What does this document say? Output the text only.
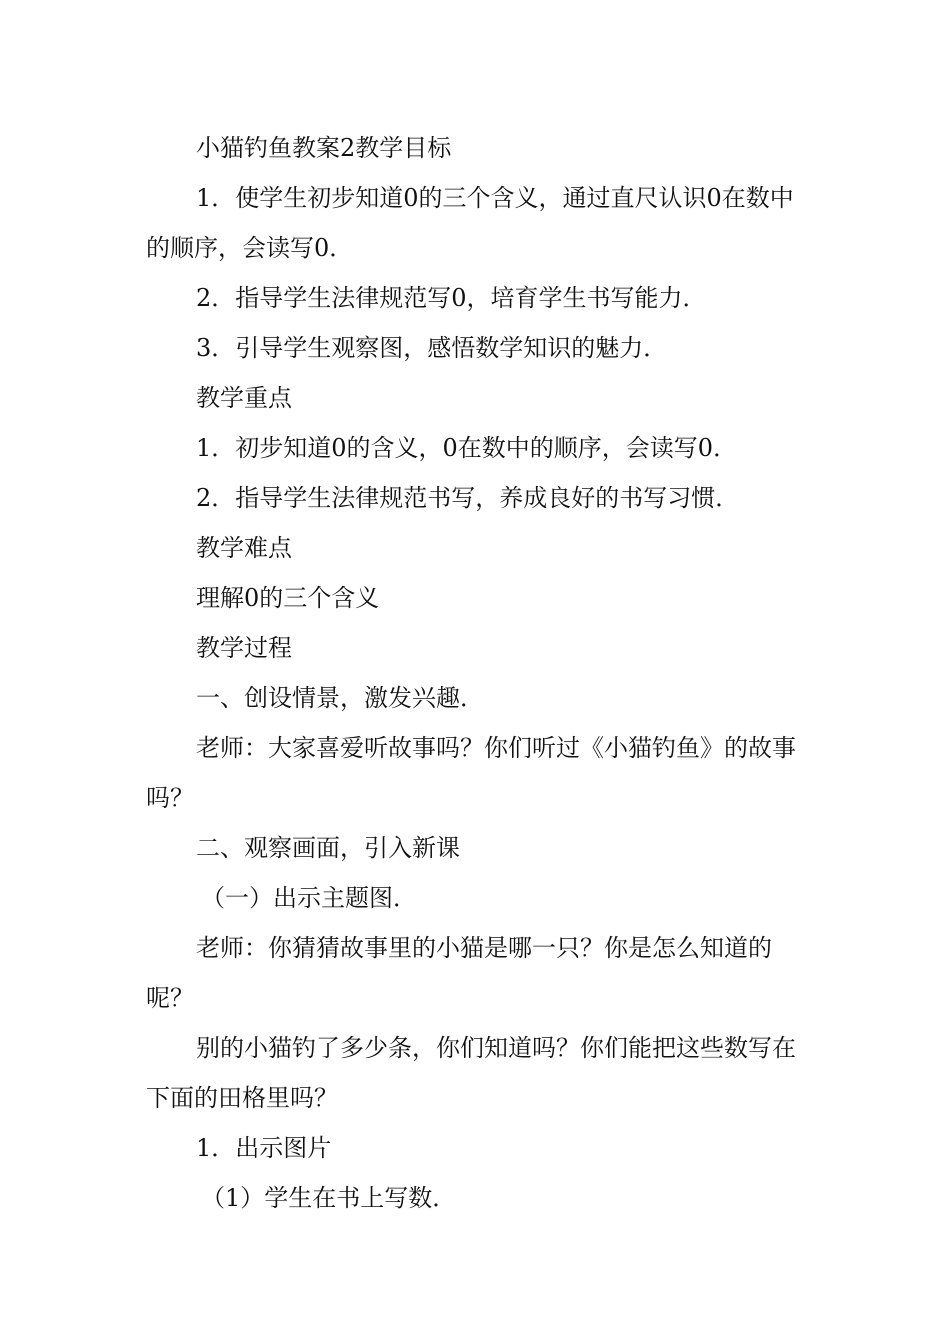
小猫钓鱼教案2教学目标

1．使学生初步知道0的三个含义，通过直尺认识0在数中的顺序，会读写0．

2．指导学生法律规范写0，培育学生书写能力．

3．引导学生观察图，感悟数学知识的魅力．

教学重点

1．初步知道0的含义，0在数中的顺序，会读写0．

2．指导学生法律规范书写，养成良好的书写习惯．

教学难点

理解0的三个含义

教学过程

一、创设情景，激发兴趣．

老师：大家喜爱听故事吗？你们听过《小猫钓鱼》的故事吗？

二、观察画面，引入新课

（一）出示主题图．

老师：你猜猜故事里的小猫是哪一只？你是怎么知道的呢？

别的小猫钓了多少条，你们知道吗？你们能把这些数写在下面的田格里吗？

1．出示图片

（1）学生在书上写数．
